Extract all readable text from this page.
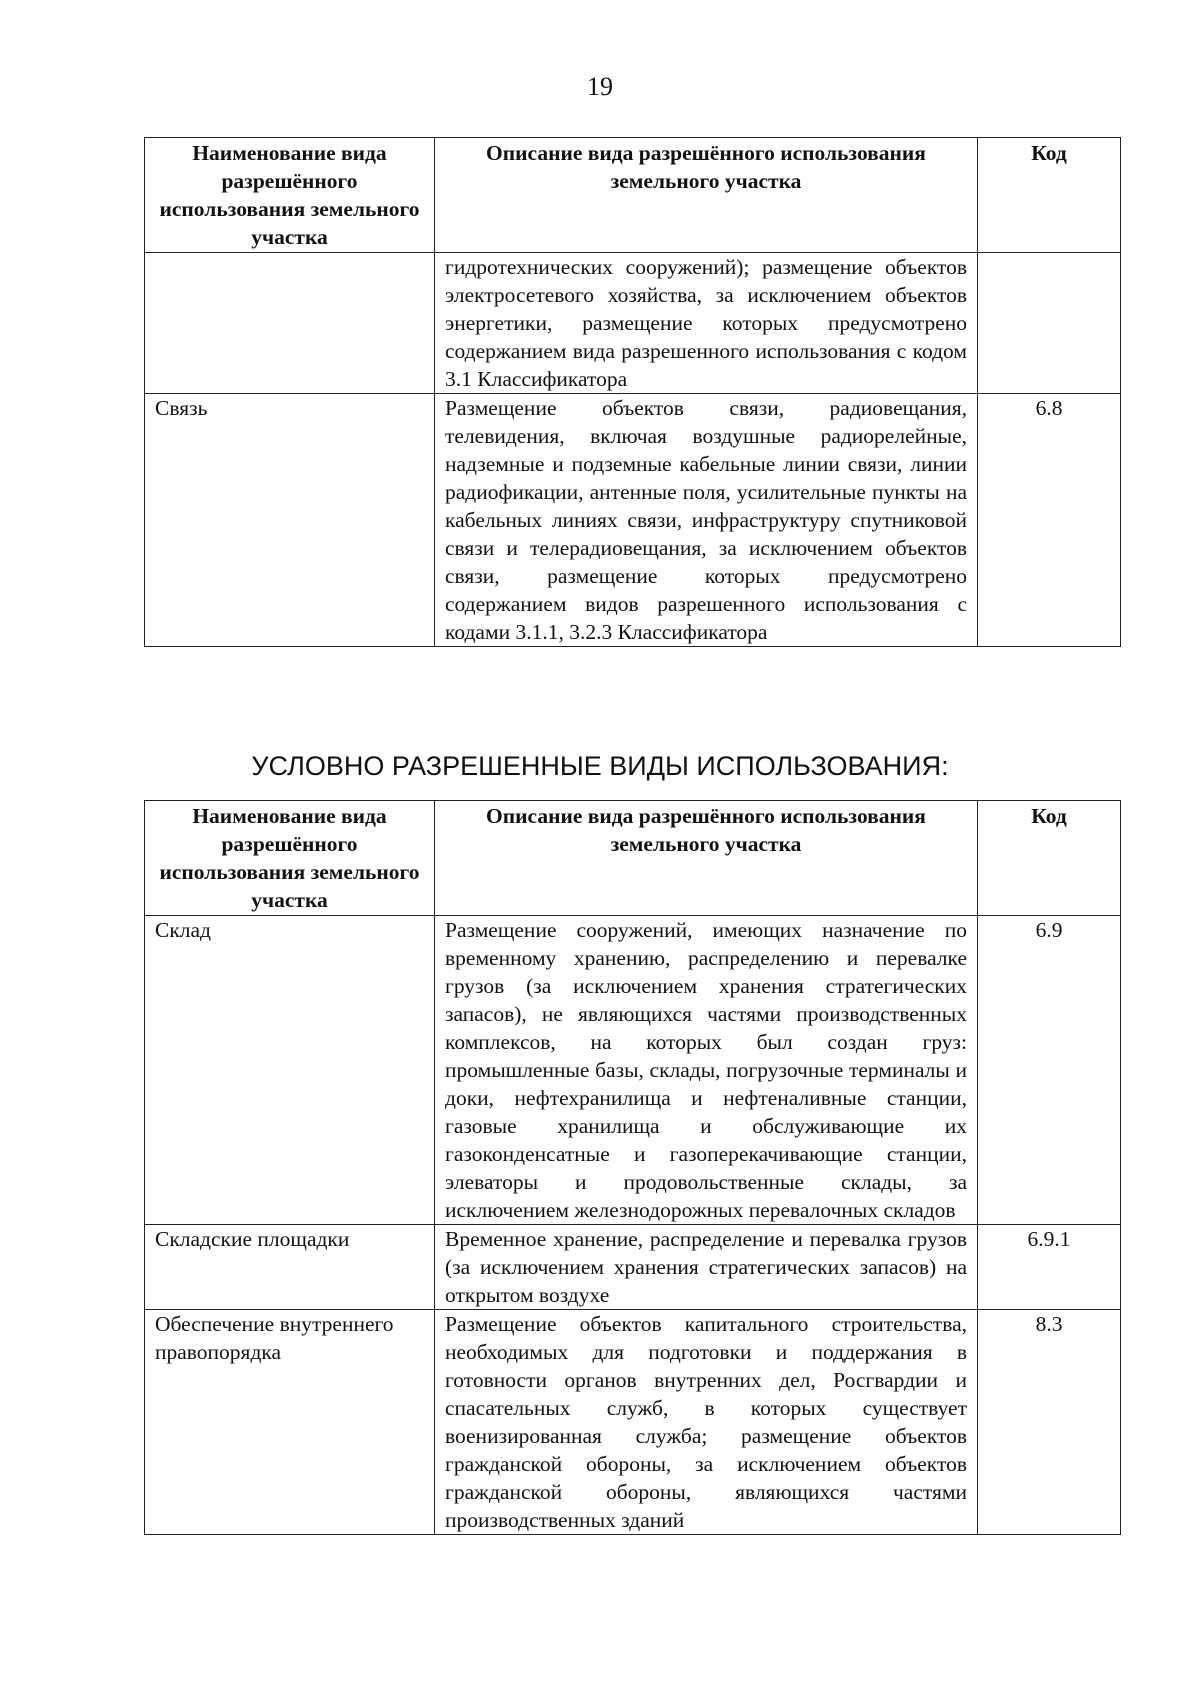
19
Наименование вида разрешённого использования земельного участка	Описание вида разрешённого использования земельного участка	Код
	гидротехнических сооружений); размещение объектов электросетевого хозяйства, за исключением объектов энергетики, размещение которых предусмотрено содержанием вида разрешенного использования с кодом 3.1 Классификатора	
Связь	Размещение объектов связи, радиовещания, телевидения, включая воздушные радиорелейные, надземные и подземные кабельные линии связи, линии радиофикации, антенные поля, усилительные пункты на кабельных линиях связи, инфраструктуру спутниковой связи и телерадиовещания, за исключением объектов связи, размещение которых предусмотрено содержанием видов разрешенного использования с кодами 3.1.1, 3.2.3 Классификатора	6.8
УСЛОВНО РАЗРЕШЕННЫЕ ВИДЫ ИСПОЛЬЗОВАНИЯ:
Наименование вида разрешённого использования земельного участка	Описание вида разрешённого использования земельного участка	Код
Склад	Размещение сооружений, имеющих назначение по временному хранению, распределению и перевалке грузов (за исключением хранения стратегических запасов), не являющихся частями производственных комплексов, на которых был создан груз: промышленные базы, склады, погрузочные терминалы и доки, нефтехранилища и нефтеналивные станции, газовые хранилища и обслуживающие их газоконденсатные и газоперекачивающие станции, элеваторы и продовольственные склады, за исключением железнодорожных перевалочных складов	6.9
Складские площадки	Временное хранение, распределение и перевалка грузов (за исключением хранения стратегических запасов) на открытом воздухе	6.9.1
Обеспечение внутреннего правопорядка	Размещение объектов капитального строительства, необходимых для подготовки и поддержания в готовности органов внутренних дел, Росгвардии и спасательных служб, в которых существует военизированная служба; размещение объектов гражданской обороны, за исключением объектов гражданской обороны, являющихся частями производственных зданий	8.3
